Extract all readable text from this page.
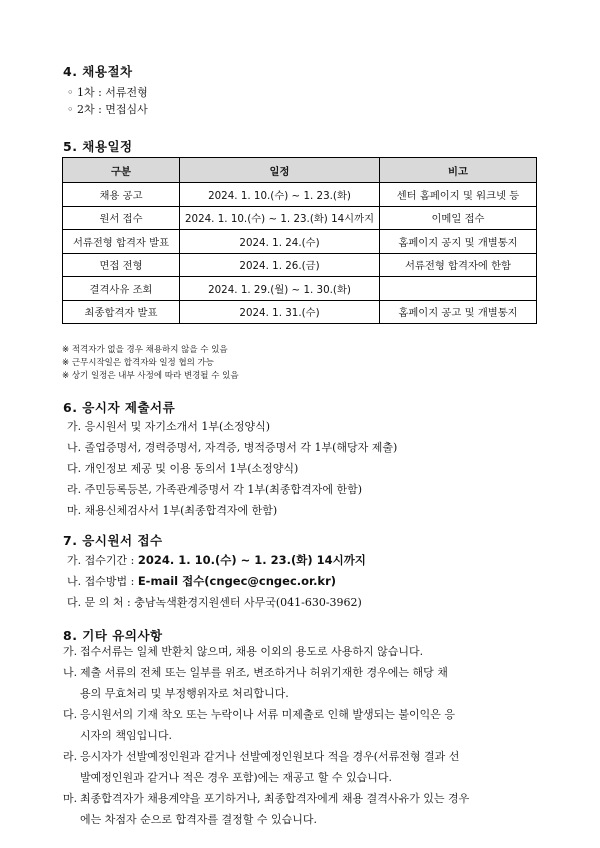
4. 채용절차
◦ 1차 : 서류전형
◦ 2차 : 면접심사
5. 채용일정
구분	일정	비고
채용 공고	2024. 1. 10.(수) ~ 1. 23.(화)	센터 홈페이지 및 워크넷 등
원서 접수	2024. 1. 10.(수) ~ 1. 23.(화) 14시까지	이메일 접수
서류전형 합격자 발표	2024. 1. 24.(수)	홈페이지 공지 및 개별통지
면접 전형	2024. 1. 26.(금)	서류전형 합격자에 한함
결격사유 조회	2024. 1. 29.(월) ~ 1. 30.(화)	
최종합격자 발표	2024. 1. 31.(수)	홈페이지 공고 및 개별통지
※ 적격자가 없을 경우 채용하지 않을 수 있음
※ 근무시작일은 합격자와 일정 협의 가능
※ 상기 일정은 내부 사정에 따라 변경될 수 있음
6. 응시자 제출서류
가. 응시원서 및 자기소개서 1부(소정양식)
나. 졸업증명서, 경력증명서, 자격증, 병적증명서 각 1부(해당자 제출)
다. 개인정보 제공 및 이용 동의서 1부(소정양식)
라. 주민등록등본, 가족관계증명서 각 1부(최종합격자에 한함)
마. 채용신체검사서 1부(최종합격자에 한함)
7. 응시원서 접수
가. 접수기간 : 2024. 1. 10.(수) ~ 1. 23.(화) 14시까지
나. 접수방법 : E-mail 접수(cngec@cngec.or.kr)
다. 문 의 처 : 충남녹색환경지원센터 사무국(041-630-3962)
8. 기타 유의사항
가. 접수서류는 일체 반환치 않으며, 채용 이외의 용도로 사용하지 않습니다.
나. 제출 서류의 전체 또는 일부를 위조, 변조하거나 허위기재한 경우에는 해당 채
용의 무효처리 및 부정행위자로 처리합니다.
다. 응시원서의 기재 착오 또는 누락이나 서류 미제출로 인해 발생되는 불이익은 응
시자의 책임입니다.
라. 응시자가 선발예정인원과 같거나 선발예정인원보다 적을 경우(서류전형 결과 선
발예정인원과 같거나 적은 경우 포함)에는 재공고 할 수 있습니다.
마. 최종합격자가 채용계약을 포기하거나, 최종합격자에게 채용 결격사유가 있는 경우
에는 차점자 순으로 합격자를 결정할 수 있습니다.
